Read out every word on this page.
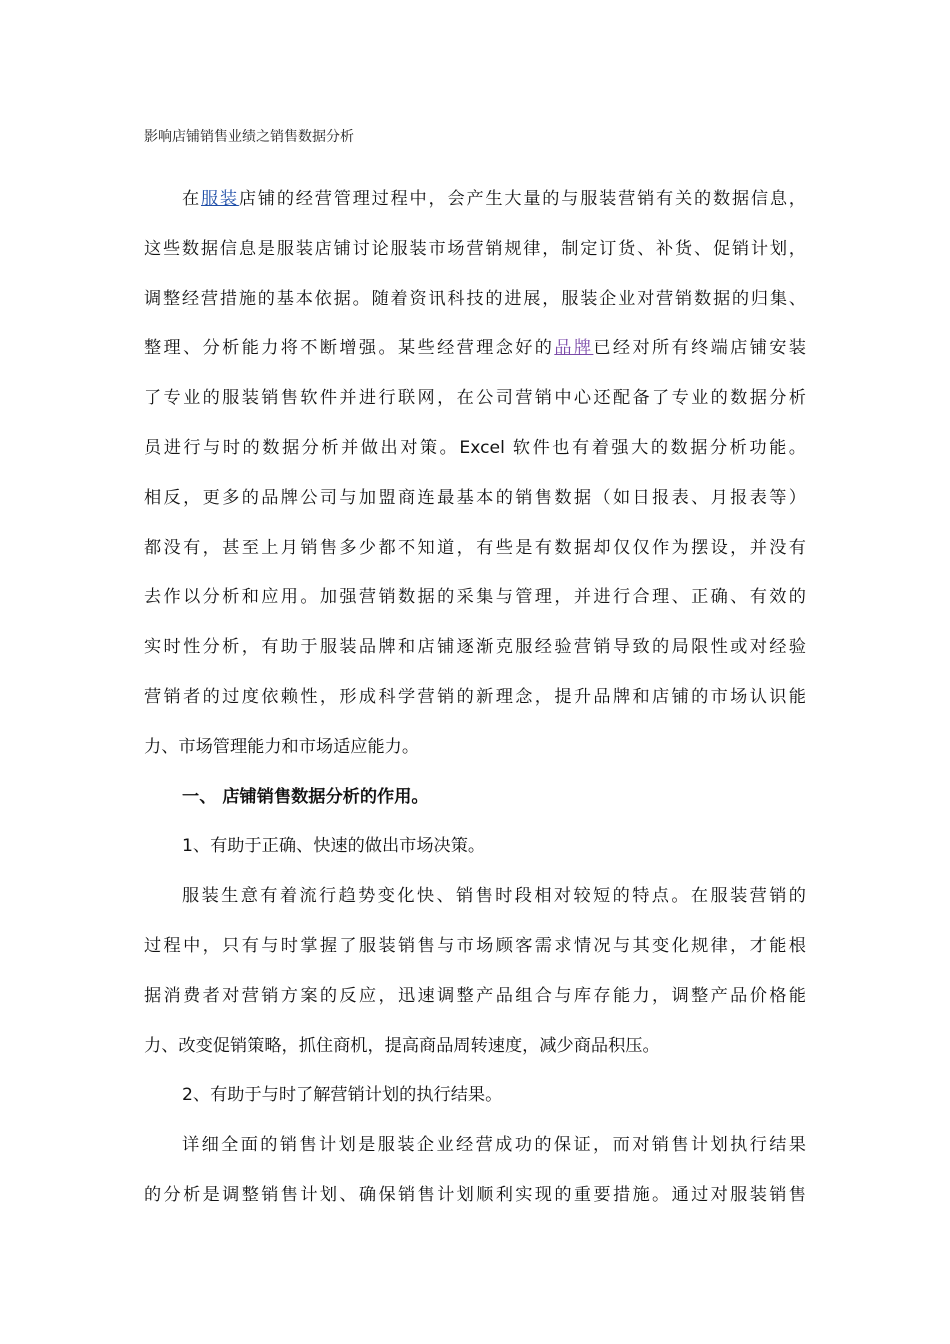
影响店铺销售业绩之销售数据分析
在服装店铺的经营管理过程中，会产生大量的与服装营销有关的数据信息，
这些数据信息是服装店铺讨论服装市场营销规律，制定订货、补货、促销计划，
调整经营措施的基本依据。随着资讯科技的进展，服装企业对营销数据的归集、
整理、分析能力将不断增强。某些经营理念好的品牌已经对所有终端店铺安装
了专业的服装销售软件并进行联网，在公司营销中心还配备了专业的数据分析
员进行与时的数据分析并做出对策。Excel 软件也有着强大的数据分析功能。
相反，更多的品牌公司与加盟商连最基本的销售数据（如日报表、月报表等）
都没有，甚至上月销售多少都不知道，有些是有数据却仅仅作为摆设，并没有
去作以分析和应用。加强营销数据的采集与管理，并进行合理、正确、有效的
实时性分析，有助于服装品牌和店铺逐渐克服经验营销导致的局限性或对经验
营销者的过度依赖性，形成科学营销的新理念，提升品牌和店铺的市场认识能
力、市场管理能力和市场适应能力。
一、 店铺销售数据分析的作用。
1、有助于正确、快速的做出市场决策。
服装生意有着流行趋势变化快、销售时段相对较短的特点。在服装营销的
过程中，只有与时掌握了服装销售与市场顾客需求情况与其变化规律，才能根
据消费者对营销方案的反应，迅速调整产品组合与库存能力，调整产品价格能
力、改变促销策略，抓住商机，提高商品周转速度，减少商品积压。
2、有助于与时了解营销计划的执行结果。
详细全面的销售计划是服装企业经营成功的保证，而对销售计划执行结果
的分析是调整销售计划、确保销售计划顺利实现的重要措施。通过对服装销售
